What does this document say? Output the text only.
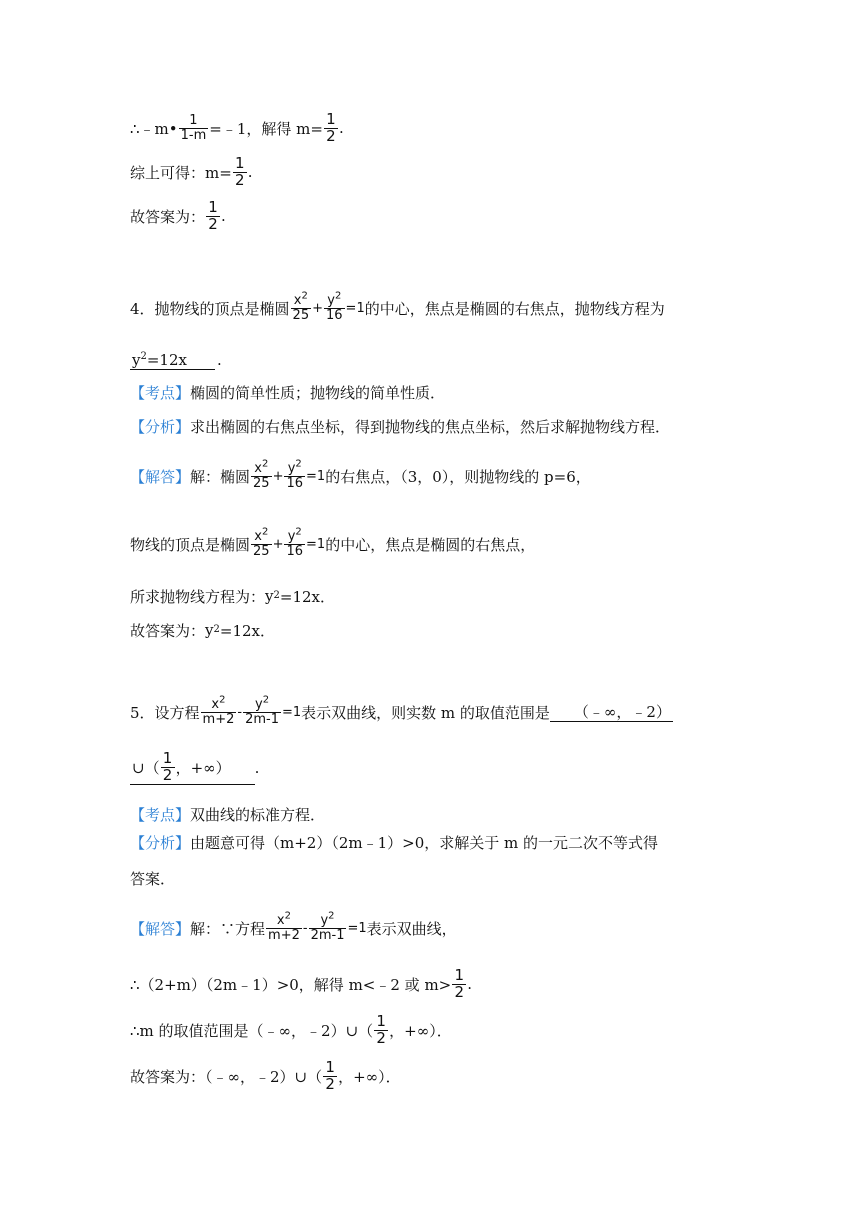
∴﹣m• $\frac{1}{1-m}$ =﹣1，解得 $m= \frac{1}{2}$ .
综上可得：$m= \frac{1}{2}$ .
故答案为： $\frac{1}{2}$ .
4．抛物线的顶点是椭圆 $\frac{x^2}{25} + \frac{y^2}{16} =1$ 的中心，焦点是椭圆的右焦点，抛物线方程为
$y^2=12x$	.
【考点】 椭圆的简单性质；抛物线的简单性质．
【分析】 求出椭圆的右焦点坐标，得到抛物线的焦点坐标，然后求解抛物线方程．
【解答】 解：椭圆 $\frac{x^2}{25} + \frac{y^2}{16} =1$ 的右焦点，（3，0），则抛物线的 p=6，
物线的顶点是椭圆 $\frac{x^2}{25} + \frac{y^2}{16} =1$ 的中心，焦点是椭圆的右焦点，
所求抛物线方程为： y 2 =12x．
故答案为： y 2 =12x．
5．设方程 $\frac{x^2}{m+2} - \frac{y^2}{2m-1} =1$ 表示双曲线，则实数 m 的取值范围是	（﹣∞，﹣2）
∪（ $\frac{1}{2}$ ，+∞） .
【考点】 双曲线的标准方程．
【分析】 由题意可得（m+2）（2m﹣1）>0，求解关于 m 的一元二次不等式得
答案．
【解答】 解：∵方程 $\frac{x^2}{m+2} - \frac{y^2}{2m-1} =1$ 表示双曲线，
∴（2+m）（2m﹣1）>0，解得 m<﹣2 或 $m> \frac{1}{2}$ .
∴m 的取值范围是（﹣∞，﹣2）∪（ $\frac{1}{2}$ ，+∞）．
故答案为：（﹣∞，﹣2）∪（ $\frac{1}{2}$ ，+∞）．
